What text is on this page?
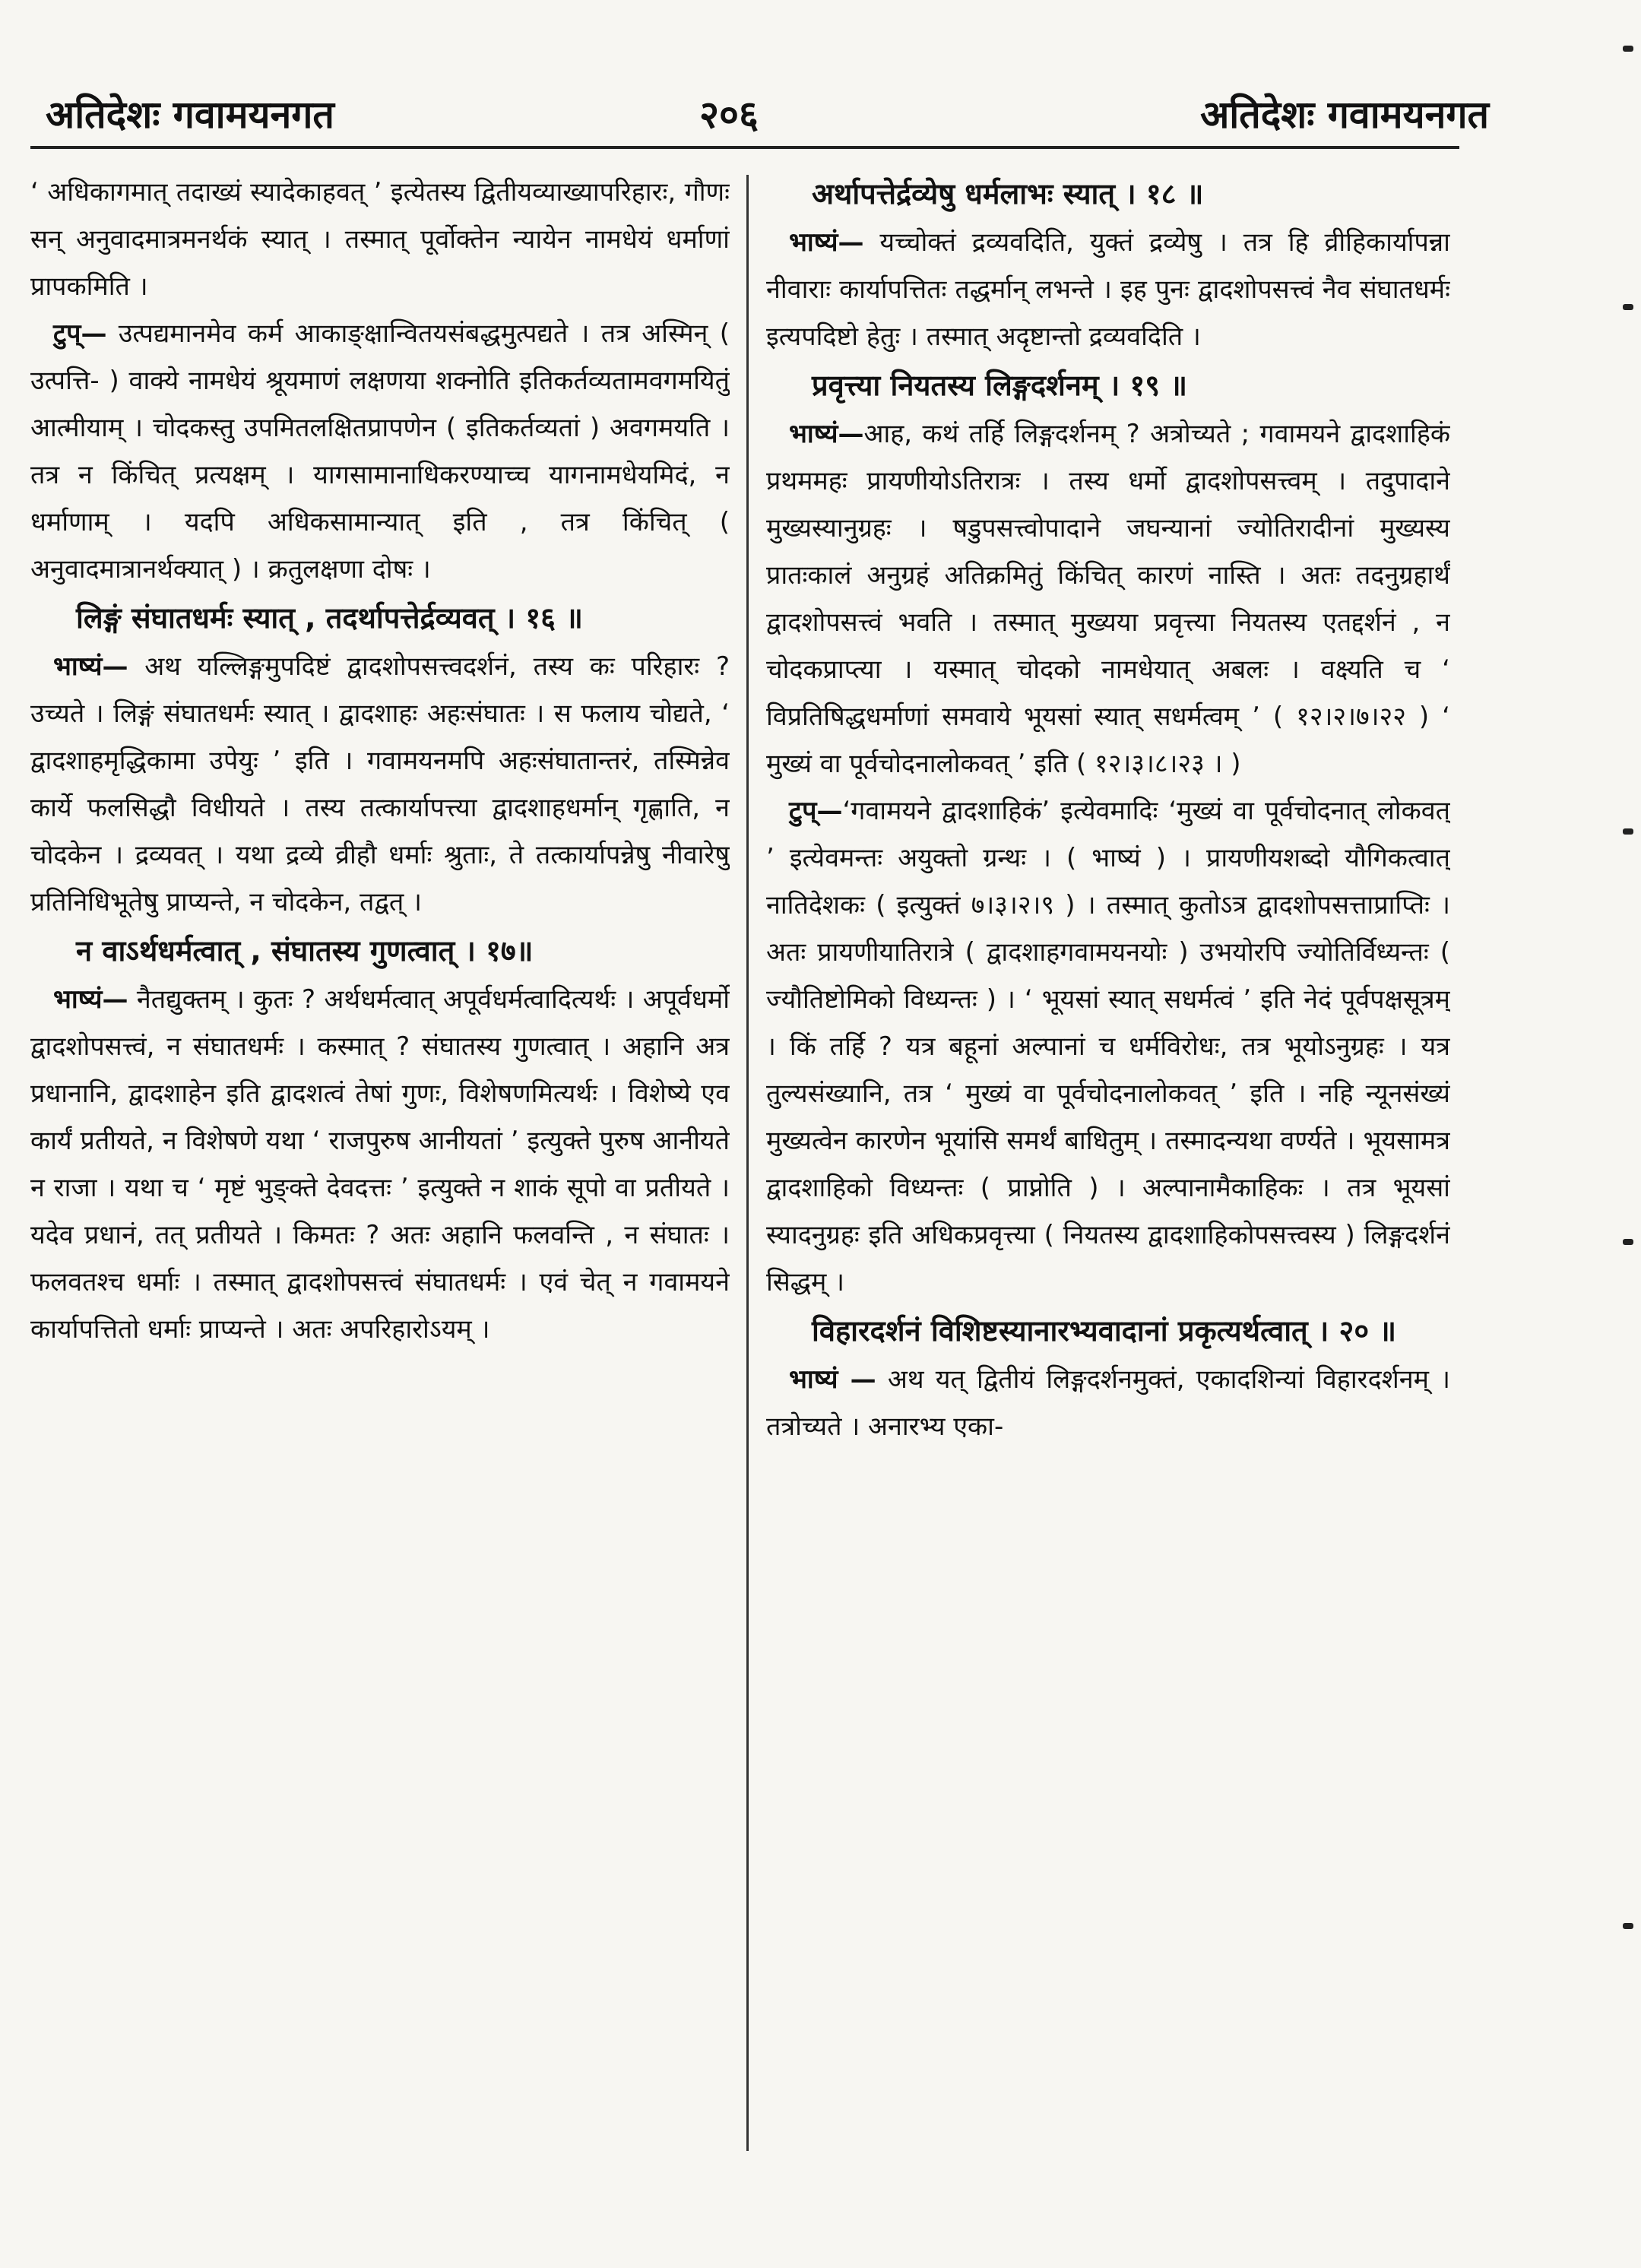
अतिदेशः गवामयनगत	२०६	अतिदेशः गवामयनगत

‘ अधिकागमात् तदाख्यं स्यादेकाहवत् ’ इत्येतस्य द्वितीयव्याख्यापरिहारः, गौणः सन् अनुवादमात्रमनर्थकं स्यात् । तस्मात् पूर्वोक्तेन न्यायेन नामधेयं धर्माणां प्रापकमिति ।

टुप्— उत्पद्यमानमेव कर्म आकाङ्क्षान्वितयसंबद्धमुत्पद्यते । तत्र अस्मिन् ( उत्पत्ति- ) वाक्ये नामधेयं श्रूयमाणं लक्षणया शक्नोति इतिकर्तव्यतामवगमयितुं आत्मीयाम् । चोदकस्तु उपमितलक्षितप्रापणेन ( इतिकर्तव्यतां ) अवगमयति । तत्र न किंचित् प्रत्यक्षम् । यागसामानाधिकरण्याच्च यागनामधेयमिदं, न धर्माणाम् । यदपि अधिकसामान्यात् इति , तत्र किंचित् ( अनुवादमात्रानर्थक्यात् ) । क्रतुलक्षणा दोषः ।

लिङ्गं संघातधर्मः स्यात् , तदर्थापत्तेर्द्रव्यवत् । १६ ॥

भाष्यं— अथ यल्लिङ्गमुपदिष्टं द्वादशोपसत्त्वदर्शनं, तस्य कः परिहारः ? उच्यते । लिङ्गं संघातधर्मः स्यात् । द्वादशाहः अहःसंघातः । स फलाय चोद्यते, ‘ द्वादशाहमृद्धिकामा उपेयुः ’ इति । गवामयनमपि अहःसंघातान्तरं, तस्मिन्नेव कार्ये फलसिद्धौ विधीयते । तस्य तत्कार्यापत्त्या द्वादशाहधर्मान् गृह्णाति, न चोदकेन । द्रव्यवत् । यथा द्रव्ये व्रीहौ धर्माः श्रुताः, ते तत्कार्यापन्नेषु नीवारेषु प्रतिनिधिभूतेषु प्राप्यन्ते, न चोदकेन, तद्वत् ।

न वाऽर्थधर्मत्वात् , संघातस्य गुणत्वात् । १७॥

भाष्यं— नैतद्युक्तम् । कुतः ? अर्थधर्मत्वात् अपूर्वधर्मत्वादित्यर्थः । अपूर्वधर्मो द्वादशोपसत्त्वं, न संघातधर्मः । कस्मात् ? संघातस्य गुणत्वात् । अहानि अत्र प्रधानानि, द्वादशाहेन इति द्वादशत्वं तेषां गुणः, विशेषणमित्यर्थः । विशेष्ये एव कार्यं प्रतीयते, न विशेषणे यथा ‘ राजपुरुष आनीयतां ’ इत्युक्ते पुरुष आनीयते न राजा । यथा च ‘ मृष्टं भुङ्क्ते देवदत्तः ’ इत्युक्ते न शाकं सूपो वा प्रतीयते । यदेव प्रधानं, तत् प्रतीयते । किमतः ? अतः अहानि फलवन्ति , न संघातः । फलवतश्च धर्माः । तस्मात् द्वादशोपसत्त्वं संघातधर्मः । एवं चेत् न गवामयने कार्यापत्तितो धर्माः प्राप्यन्ते । अतः अपरिहारोऽयम् ।

अर्थापत्तेर्द्रव्येषु धर्मलाभः स्यात् । १८ ॥

भाष्यं— यच्चोक्तं द्रव्यवदिति, युक्तं द्रव्येषु । तत्र हि व्रीहिकार्यापन्ना नीवाराः कार्यापत्तितः तद्धर्मान् लभन्ते । इह पुनः द्वादशोपसत्त्वं नैव संघातधर्मः इत्यपदिष्टो हेतुः । तस्मात् अदृष्टान्तो द्रव्यवदिति ।

प्रवृत्त्या नियतस्य लिङ्गदर्शनम् । १९ ॥

भाष्यं—आह, कथं तर्हि लिङ्गदर्शनम् ? अत्रोच्यते ; गवामयने द्वादशाहिकं प्रथममहः प्रायणीयोऽतिरात्रः । तस्य धर्मो द्वादशोपसत्त्वम् । तदुपादाने मुख्यस्यानुग्रहः । षडुपसत्त्वोपादाने जघन्यानां ज्योतिरादीनां मुख्यस्य प्रातःकालं अनुग्रहं अतिक्रमितुं किंचित् कारणं नास्ति । अतः तदनुग्रहार्थं द्वादशोपसत्त्वं भवति । तस्मात् मुख्यया प्रवृत्त्या नियतस्य एतद्दर्शनं , न चोदकप्राप्त्या । यस्मात् चोदको नामधेयात् अबलः । वक्ष्यति च ‘ विप्रतिषिद्धधर्माणां समवाये भूयसां स्यात् सधर्मत्वम् ’ ( १२।२।७।२२ ) ‘ मुख्यं वा पूर्वचोदनालोकवत् ’ इति ( १२।३।८।२३ । )

टुप्—‘गवामयने द्वादशाहिकं’ इत्येवमादिः ‘मुख्यं वा पूर्वचोदनात् लोकवत् ’ इत्येवमन्तः अयुक्तो ग्रन्थः । ( भाष्यं ) । प्रायणीयशब्दो यौगिकत्वात् नातिदेशकः ( इत्युक्तं ७।३।२।९ ) । तस्मात् कुतोऽत्र द्वादशोपसत्ताप्राप्तिः । अतः प्रायणीयातिरात्रे ( द्वादशाहगवामयनयोः ) उभयोरपि ज्योतिर्विध्यन्तः ( ज्यौतिष्टोमिको विध्यन्तः ) । ‘ भूयसां स्यात् सधर्मत्वं ’ इति नेदं पूर्वपक्षसूत्रम् । किं तर्हि ? यत्र बहूनां अल्पानां च धर्मविरोधः, तत्र भूयोऽनुग्रहः । यत्र तुल्यसंख्यानि, तत्र ‘ मुख्यं वा पूर्वचोदनालोकवत् ’ इति । नहि न्यूनसंख्यं मुख्यत्वेन कारणेन भूयांसि समर्थं बाधितुम् । तस्मादन्यथा वर्ण्यते । भूयसामत्र द्वादशाहिको विध्यन्तः ( प्राप्नोति ) । अल्पानामैकाहिकः । तत्र भूयसां स्यादनुग्रहः इति अधिकप्रवृत्त्या ( नियतस्य द्वादशाहिकोपसत्त्वस्य ) लिङ्गदर्शनं सिद्धम् ।

विहारदर्शनं विशिष्टस्यानारभ्यवादानां प्रकृत्यर्थत्वात् । २० ॥

भाष्यं — अथ यत् द्वितीयं लिङ्गदर्शनमुक्तं, एकादशिन्यां विहारदर्शनम् । तत्रोच्यते । अनारभ्य एका-
